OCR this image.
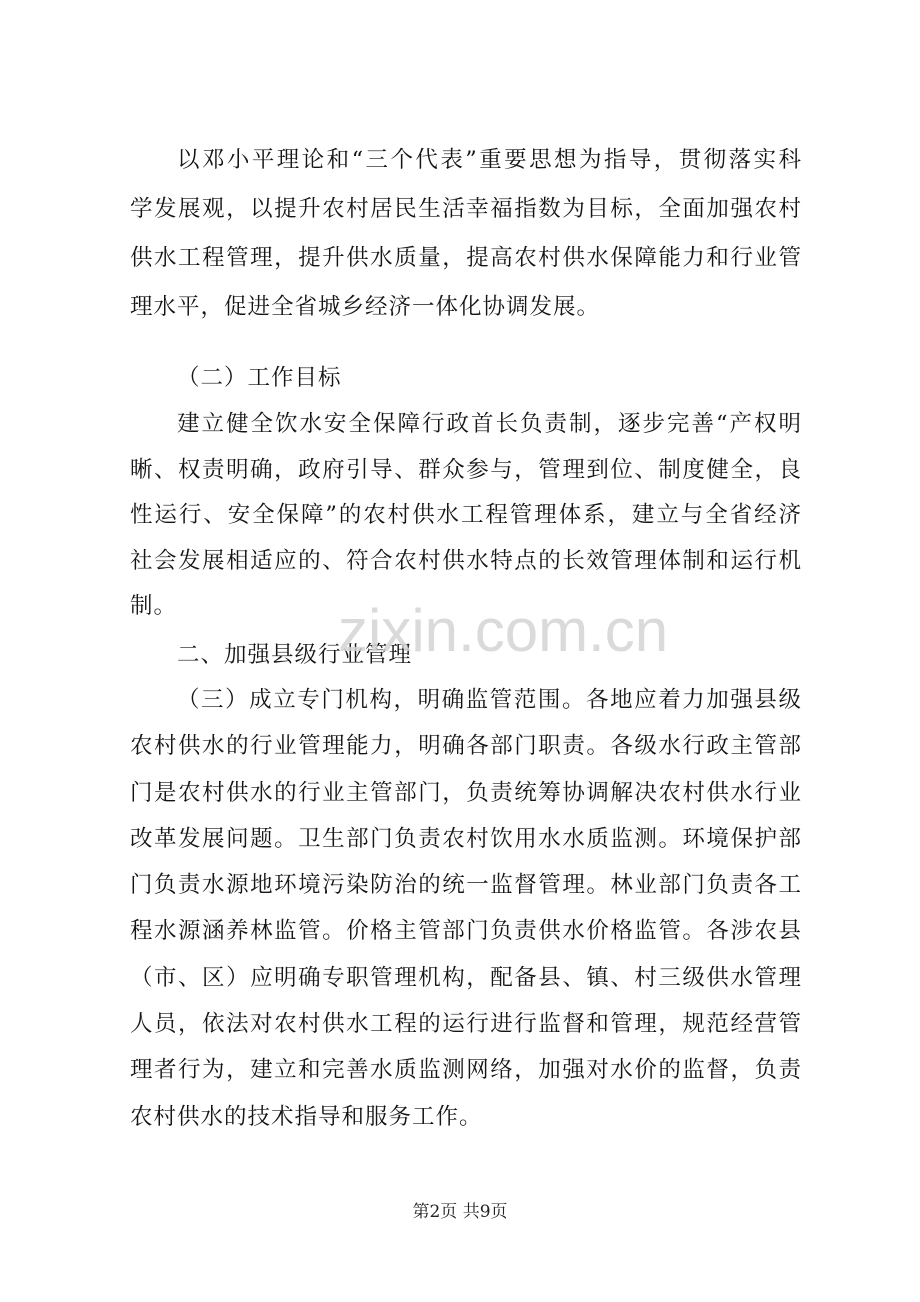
以邓小平理论和“三个代表”重要思想为指导，贯彻落实科
学发展观，以提升农村居民生活幸福指数为目标，全面加强农村
供水工程管理，提升供水质量，提高农村供水保障能力和行业管
理水平，促进全省城乡经济一体化协调发展。
（二）工作目标
建立健全饮水安全保障行政首长负责制，逐步完善“产权明
晰、权责明确，政府引导、群众参与，管理到位、制度健全，良
性运行、安全保障”的农村供水工程管理体系，建立与全省经济
社会发展相适应的、符合农村供水特点的长效管理体制和运行机
制。
二、加强县级行业管理
（三）成立专门机构，明确监管范围。各地应着力加强县级
农村供水的行业管理能力，明确各部门职责。各级水行政主管部
门是农村供水的行业主管部门，负责统筹协调解决农村供水行业
改革发展问题。卫生部门负责农村饮用水水质监测。环境保护部
门负责水源地环境污染防治的统一监督管理。林业部门负责各工
程水源涵养林监管。价格主管部门负责供水价格监管。各涉农县
（市、区）应明确专职管理机构，配备县、镇、村三级供水管理
人员，依法对农村供水工程的运行进行监督和管理，规范经营管
理者行为，建立和完善水质监测网络，加强对水价的监督，负责
农村供水的技术指导和服务工作。
zixin.com.cn
第2页 共9页
